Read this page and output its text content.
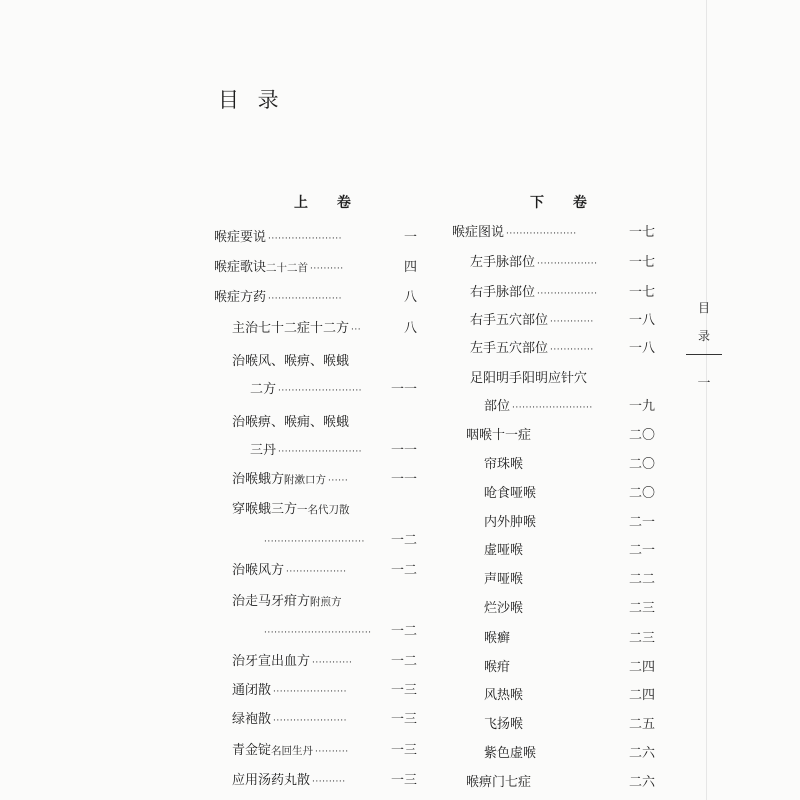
目 录
上 卷	下 卷
喉症要说 ······················	一
喉症歌诀 二十二首 ··········	四
喉症方药 ······················	八
主治七十二症十二方 ···	八
治喉风、喉痹、喉蛾
二方 ·························	一一
治喉痹、喉痈、喉蛾
三丹 ·························	一一
治喉蛾方 附漱口方 ······	一一
穿喉蛾三方 一名代刀散
······························	一二
治喉风方 ··················	一二
治走马牙疳方 附煎方
································	一二
治牙宣出血方 ············	一二
通闭散 ······················	一三
绿袍散 ······················	一三
青金锭 名回生丹 ··········	一三
应用汤药丸散 ··········	一三
喉症图说 ·····················	一七
左手脉部位 ··················	一七
右手脉部位 ··················	一七
右手五穴部位 ·············	一八
左手五穴部位 ·············	一八
足阳明手阳明应针穴
部位 ························	一九
咽喉十一症	二〇
帘珠喉	二〇
呛食哑喉	二〇
内外肿喉	二一
虚哑喉	二一
声哑喉	二二
烂沙喉	二三
喉癣	二三
喉疳	二四
风热喉	二四
飞扬喉	二五
紫色虚喉	二六
喉痹门七症	二六
目
录
一
